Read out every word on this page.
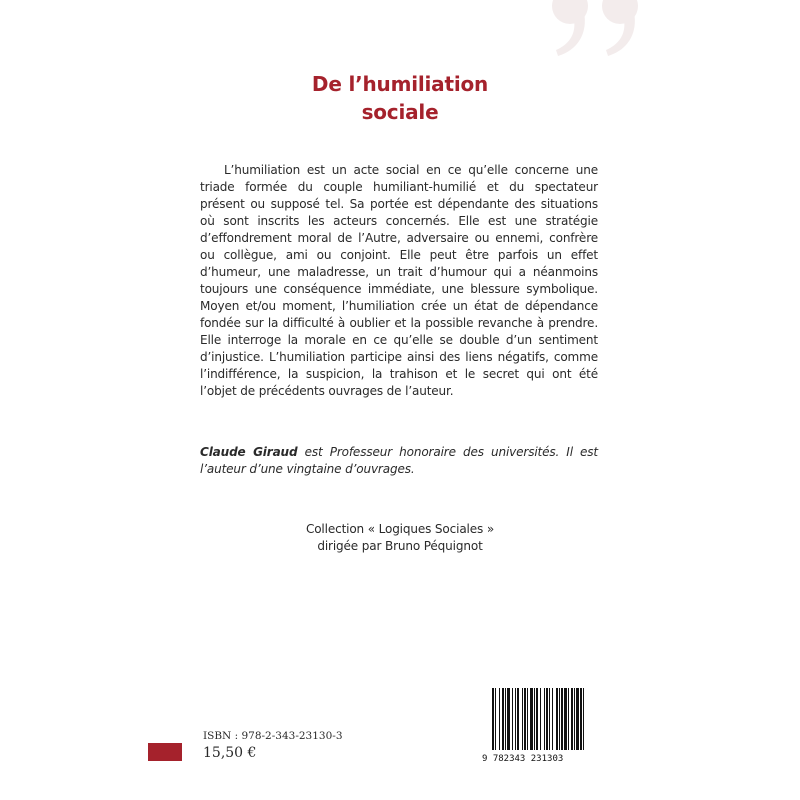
De l’humiliation
sociale

L’humiliation est un acte social en ce qu’elle concerne une triade formée du couple humiliant-humilié et du spectateur présent ou supposé tel. Sa portée est dépendante des situations où sont inscrits les acteurs concernés. Elle est une stratégie d’effondrement moral de l’Autre, adversaire ou ennemi, confrère ou collègue, ami ou conjoint. Elle peut être parfois un effet d’humeur, une maladresse, un trait d’humour qui a néanmoins toujours une conséquence immédiate, une blessure symbolique. Moyen et/ou moment, l’humiliation crée un état de dépendance fondée sur la difficulté à oublier et la possible revanche à prendre. Elle interroge la morale en ce qu’elle se double d’un sentiment d’injustice. L’humiliation participe ainsi des liens négatifs, comme l’indifférence, la suspicion, la trahison et le secret qui ont été l’objet de précédents ouvrages de l’auteur.

Claude Giraud est Professeur honoraire des universités. Il est l’auteur d’une vingtaine d’ouvrages.

Collection « Logiques Sociales »
dirigée par Bruno Péquignot
ISBN : 978-2-343-23130-3
15,50 €	9 782343 231303
